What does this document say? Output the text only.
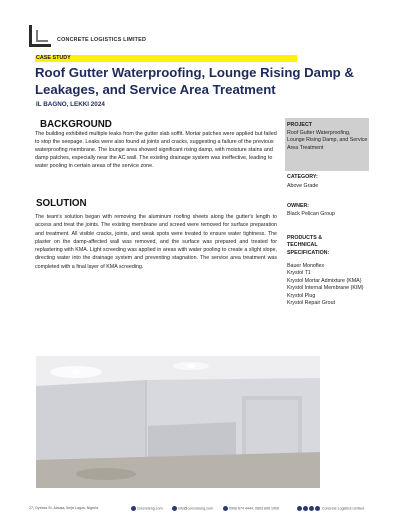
CONCRETE LOGISTICS LIMITED
CASE STUDY
Roof Gutter Waterproofing, Lounge Rising Damp & Leakages, and Service Area Treatment
IL BAGNO, LEKKI 2024
BACKGROUND

The building exhibited multiple leaks from the gutter slab soffit. Mortar patches were applied but failed to stop the seepage. Leaks were also found at joints and cracks, suggesting a failure of the previous waterproofing membrane. The lounge area showed significant rising damp, with moisture stains and damp patches, especially near the AC wall. The existing drainage system was ineffective, leading to water pooling in certain areas of the service zone.

SOLUTION

The team's solution began with removing the aluminum roofing sheets along the gutter's length to access and treat the joints. The existing membrane and screed were removed for surface preparation and treatment. All visible cracks, joints, and weak spots were treated to ensure water tightness. The plaster on the damp-affected wall was removed, and the surface was prepared and treated for replastering with KMA. Light screeding was applied in areas with water pooling to create a slight slope, directing water into the drainage system and preventing stagnation. The service area treatment was completed with a final layer of KMA screeding.

PROJECT
Roof Gutter Waterproofing, Lounge Rising Damp, and Service Area Treatment
CATEGORY:
Above Grade
OWNER:
Black Pelican Group
PRODUCTS & TECHNICAL SPECIFICATION:
Bauer Monoflex
Krystol T1
Krystol Mortar Admixture (KMA)
Krystol Internal Membrane (KIM)
Krystol Plug
Krystol Repair Grout
27, Oyelola St, Alausa, Ikeja Lagos, Nigeria	concreteng.com	info@concreteng.com	0906 674 4444, 0803 896 1006	Concrete Logistics Limited
